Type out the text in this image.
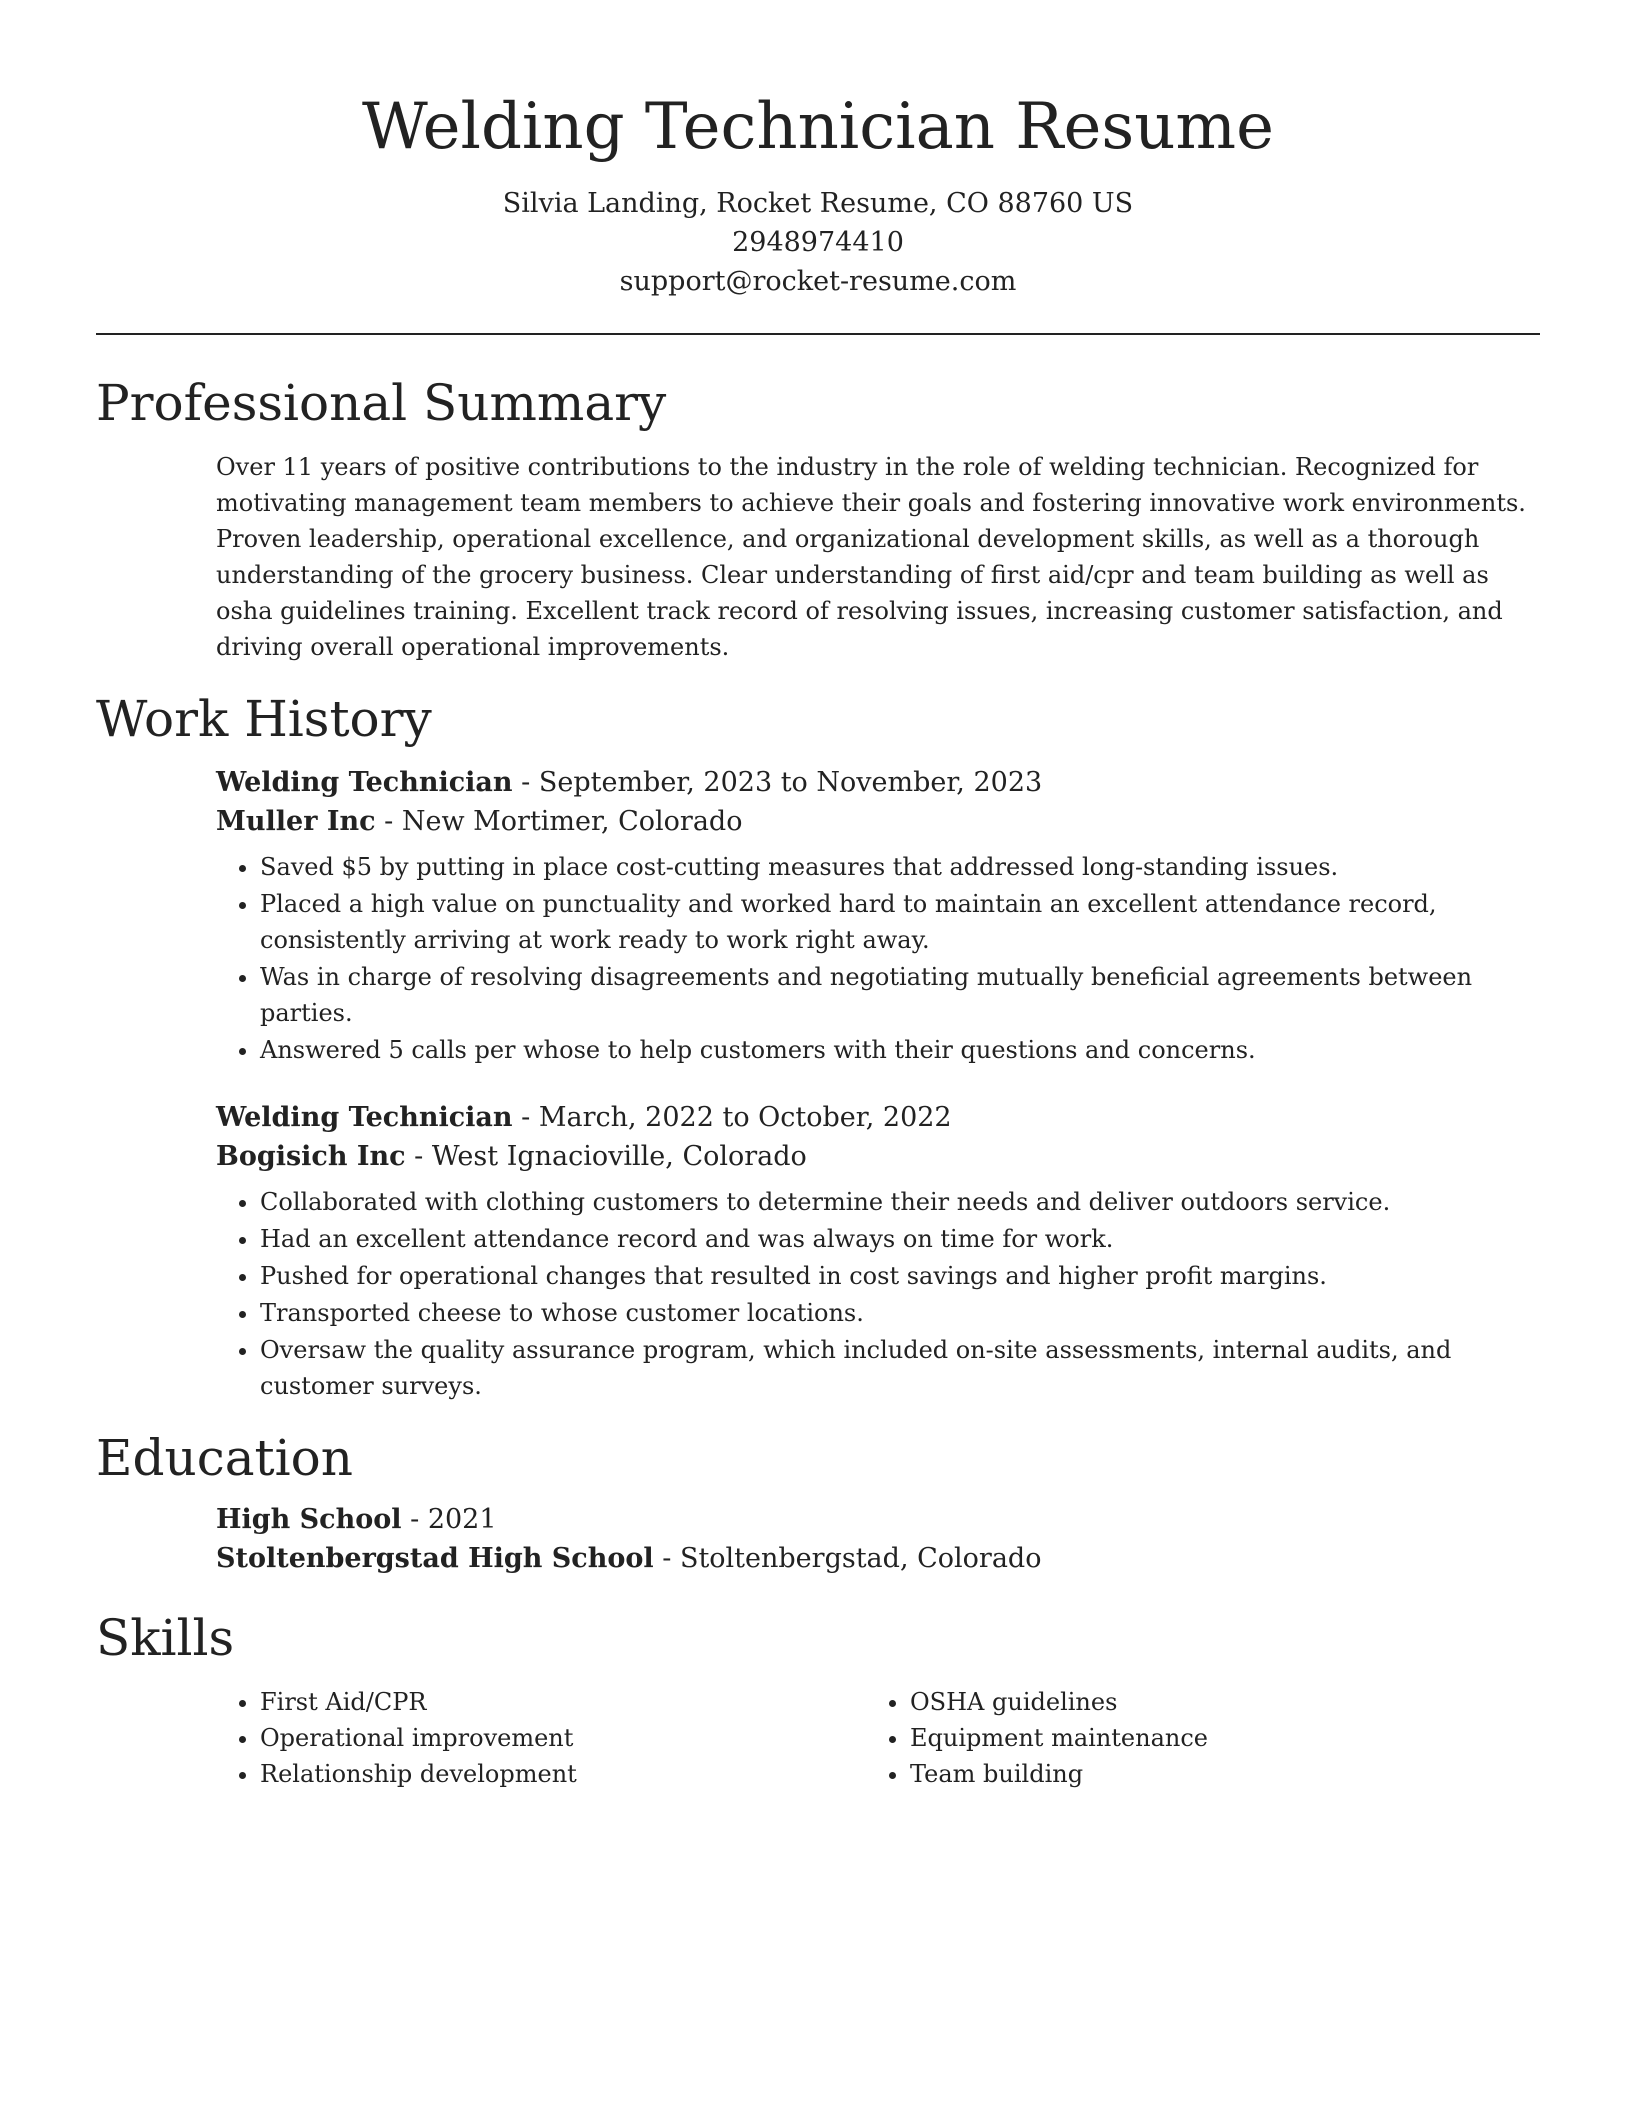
Welding Technician Resume
Silvia Landing, Rocket Resume, CO 88760 US
2948974410
support@rocket-resume.com
Professional Summary

Over 11 years of positive contributions to the industry in the role of welding technician. Recognized for motivating management team members to achieve their goals and fostering innovative work environments. Proven leadership, operational excellence, and organizational development skills, as well as a thorough understanding of the grocery business. Clear understanding of first aid/cpr and team building as well as osha guidelines training. Excellent track record of resolving issues, increasing customer satisfaction, and driving overall operational improvements.

Work History
Welding Technician - September, 2023 to November, 2023
Muller Inc - New Mortimer, Colorado
• Saved $5 by putting in place cost-cutting measures that addressed long-standing issues.
• Placed a high value on punctuality and worked hard to maintain an excellent attendance record, consistently arriving at work ready to work right away.
• Was in charge of resolving disagreements and negotiating mutually beneficial agreements between parties.
• Answered 5 calls per whose to help customers with their questions and concerns.
Welding Technician - March, 2022 to October, 2022
Bogisich Inc - West Ignacioville, Colorado
• Collaborated with clothing customers to determine their needs and deliver outdoors service.
• Had an excellent attendance record and was always on time for work.
• Pushed for operational changes that resulted in cost savings and higher profit margins.
• Transported cheese to whose customer locations.
• Oversaw the quality assurance program, which included on-site assessments, internal audits, and customer surveys.
Education
High School - 2021
Stoltenbergstad High School - Stoltenbergstad, Colorado
Skills
• First Aid/CPR
• Operational improvement
• Relationship development
• OSHA guidelines
• Equipment maintenance
• Team building
